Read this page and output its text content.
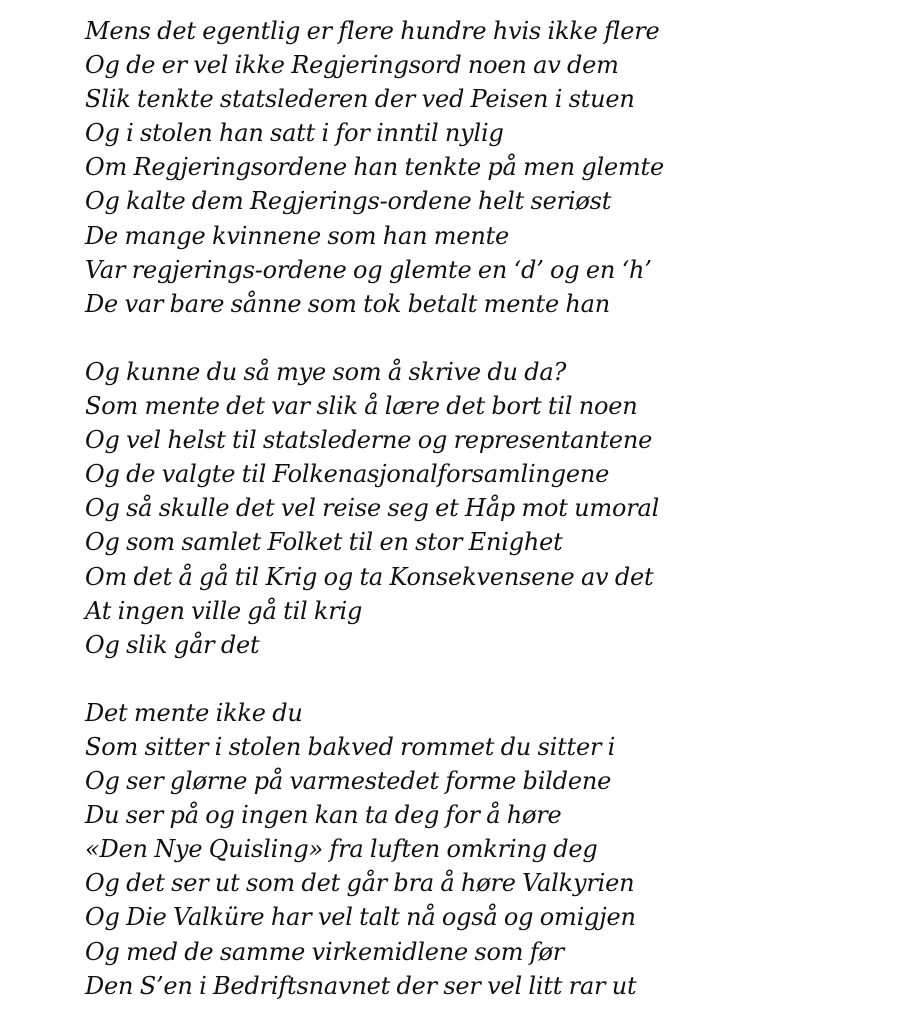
Mens det egentlig er flere hundre hvis ikke flere
Og de er vel ikke Regjeringsord noen av dem
Slik tenkte statslederen der ved Peisen i stuen
Og i stolen han satt i for inntil nylig
Om Regjeringsordene han tenkte på men glemte
Og kalte dem Regjerings-ordene helt seriøst
De mange kvinnene som han mente
Var regjerings-ordene og glemte en ‘d’ og en ‘h’
De var bare sånne som tok betalt mente han
Og kunne du så mye som å skrive du da?
Som mente det var slik å lære det bort til noen
Og vel helst til statslederne og representantene
Og de valgte til Folkenasjonalforsamlingene
Og så skulle det vel reise seg et Håp mot umoral
Og som samlet Folket til en stor Enighet
Om det å gå til Krig og ta Konsekvensene av det
At ingen ville gå til krig
Og slik går det
Det mente ikke du
Som sitter i stolen bakved rommet du sitter i
Og ser glørne på varmestedet forme bildene
Du ser på og ingen kan ta deg for å høre
«Den Nye Quisling» fra luften omkring deg
Og det ser ut som det går bra å høre Valkyrien
Og Die Valküre har vel talt nå også og omigjen
Og med de samme virkemidlene som før
Den S’en i Bedriftsnavnet der ser vel litt rar ut
